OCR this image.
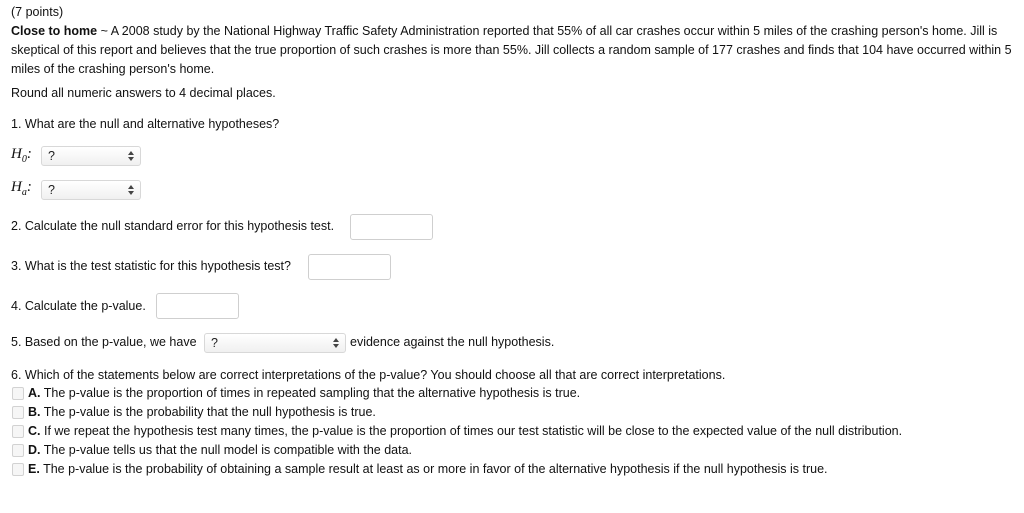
(7 points)
Close to home ~ A 2008 study by the National Highway Traffic Safety Administration reported that 55% of all car crashes occur within 5 miles of the crashing person's home. Jill is skeptical of this report and believes that the true proportion of such crashes is more than 55%. Jill collects a random sample of 177 crashes and finds that 104 have occurred within 5 miles of the crashing person's home.
Round all numeric answers to 4 decimal places.
1. What are the null and alternative hypotheses?
$H_0$:	?
$H_a$:	?
2. Calculate the null standard error for this hypothesis test.
3. What is the test statistic for this hypothesis test?
4. Calculate the p-value.
5. Based on the p-value, we have	?	evidence against the null hypothesis.
6. Which of the statements below are correct interpretations of the p-value? You should choose all that are correct interpretations.
A. The p-value is the proportion of times in repeated sampling that the alternative hypothesis is true.
B. The p-value is the probability that the null hypothesis is true.
C. If we repeat the hypothesis test many times, the p-value is the proportion of times our test statistic will be close to the expected value of the null distribution.
D. The p-value tells us that the null model is compatible with the data.
E. The p-value is the probability of obtaining a sample result at least as or more in favor of the alternative hypothesis if the null hypothesis is true.
